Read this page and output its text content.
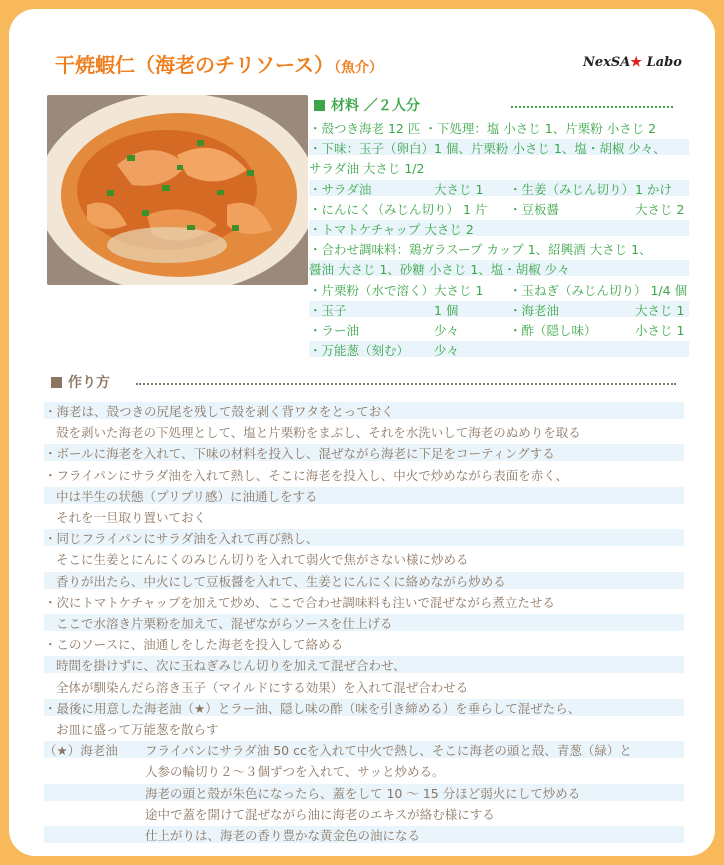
干焼蝦仁（海老のチリソース）（魚介）	NexSA★ Labo
材料 ／２人分
・殻つき海老 12 匹 ・下処理：塩 小さじ 1、片栗粉 小さじ 2
・下味：玉子（卵白）1 個、片栗粉 小さじ 1、塩・胡椒 少々、
サラダ油 大さじ 1/2
・サラダ油	大さじ 1 ・生姜（みじん切り） 1 かけ
・にんにく（みじん切り） 1 片 ・豆板醤	大さじ 2
・トマトケチャップ 大さじ 2
・合わせ調味料：鶏ガラスープ カップ 1、紹興酒 大さじ 1、
醤油 大さじ 1、砂糖 小さじ 1、塩・胡椒 少々
・片栗粉（水で溶く）大さじ 1 ・玉ねぎ（みじん切り） 1/4 個
・玉子	1 個	・海老油	大さじ 1
・ラー油	少々	・酢（隠し味）	小さじ 1
・万能葱（刻む） 少々
作り方
・海老は、殻つきの尻尾を残して殻を剥く背ワタをとっておく
殻を剥いた海老の下処理として、塩と片栗粉をまぶし、それを水洗いして海老のぬめりを取る
・ボールに海老を入れて、下味の材料を投入し、混ぜながら海老に下足をコーティングする
・フライパンにサラダ油を入れて熱し、そこに海老を投入し、中火で炒めながら表面を赤く、
中は半生の状態（プリプリ感）に油通しをする
それを一旦取り置いておく
・同じフライパンにサラダ油を入れて再び熱し、
そこに生姜とにんにくのみじん切りを入れて弱火で焦がさない様に炒める
香りが出たら、中火にして豆板醤を入れて、生姜とにんにくに絡めながら炒める
・次にトマトケチャップを加えて炒め、ここで合わせ調味料も注いで混ぜながら煮立たせる
ここで水溶き片栗粉を加えて、混ぜながらソースを仕上げる
・このソースに、油通しをした海老を投入して絡める
時間を掛けずに、次に玉ねぎみじん切りを加えて混ぜ合わせ、
全体が馴染んだら溶き玉子（マイルドにする効果）を入れて混ぜ合わせる
・最後に用意した海老油（★）とラー油、隠し味の酢（味を引き締める）を垂らして混ぜたら、
お皿に盛って万能葱を散らす
（★）海老油 フライパンにサラダ油 50 ccを入れて中火で熱し、そこに海老の頭と殻、青葱（緑）と
人参の輪切り２～３個ずつを入れて、サッと炒める。
海老の頭と殻が朱色になったら、蓋をして 10 ～ 15 分ほど弱火にして炒める
途中で蓋を開けて混ぜながら油に海老のエキスが絡む様にする
仕上がりは、海老の香り豊かな黄金色の油になる
